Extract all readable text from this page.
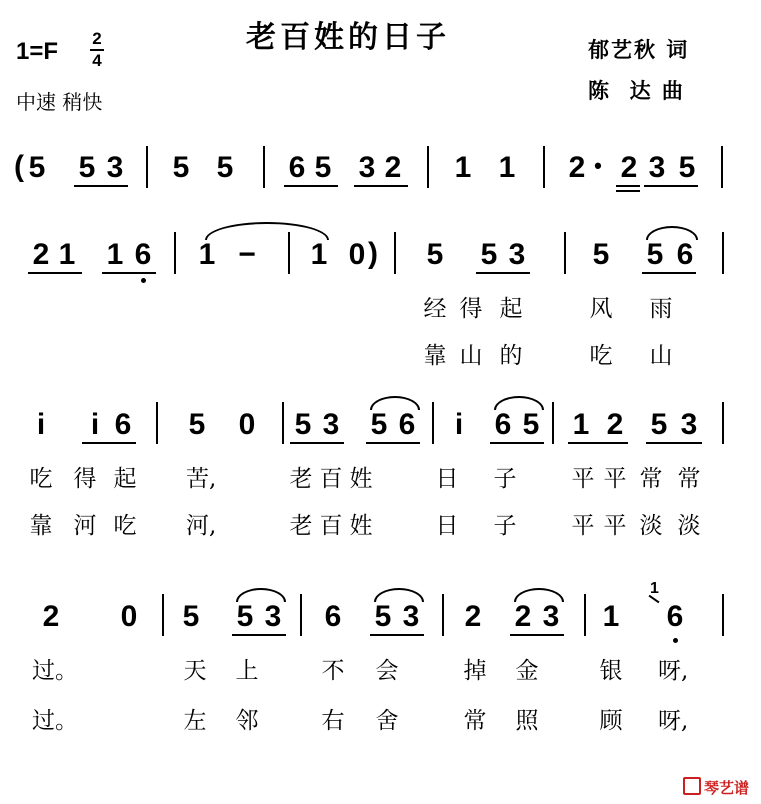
1=F 2
4
老百姓的日子
中速 稍快
郁艺秋 词
陈  达 曲
( 5 5 3 5 5 6 5 3 2 1 1 2 • 2 3 5
2 1 1 6 1 − 1 0 ) 5 5 3 5 5 6
经 得 起	风 雨
靠 山 的	吃 山
i i 6 5 0 5 3 5 6 i 6 5 1 2 5 3
吃 得 起 苦,	老 百 姓	日 子 平 平 常 常
靠 河 吃 河,	老 百 姓	日 子 平 平 淡 淡
2 0 5 5 3 6 5 3 2 2 3 1
1
6
过。	天 上	不 会	掉 金	银 呀,
过。	左 邻	右 舍	常 照	顾 呀,
琴艺谱
